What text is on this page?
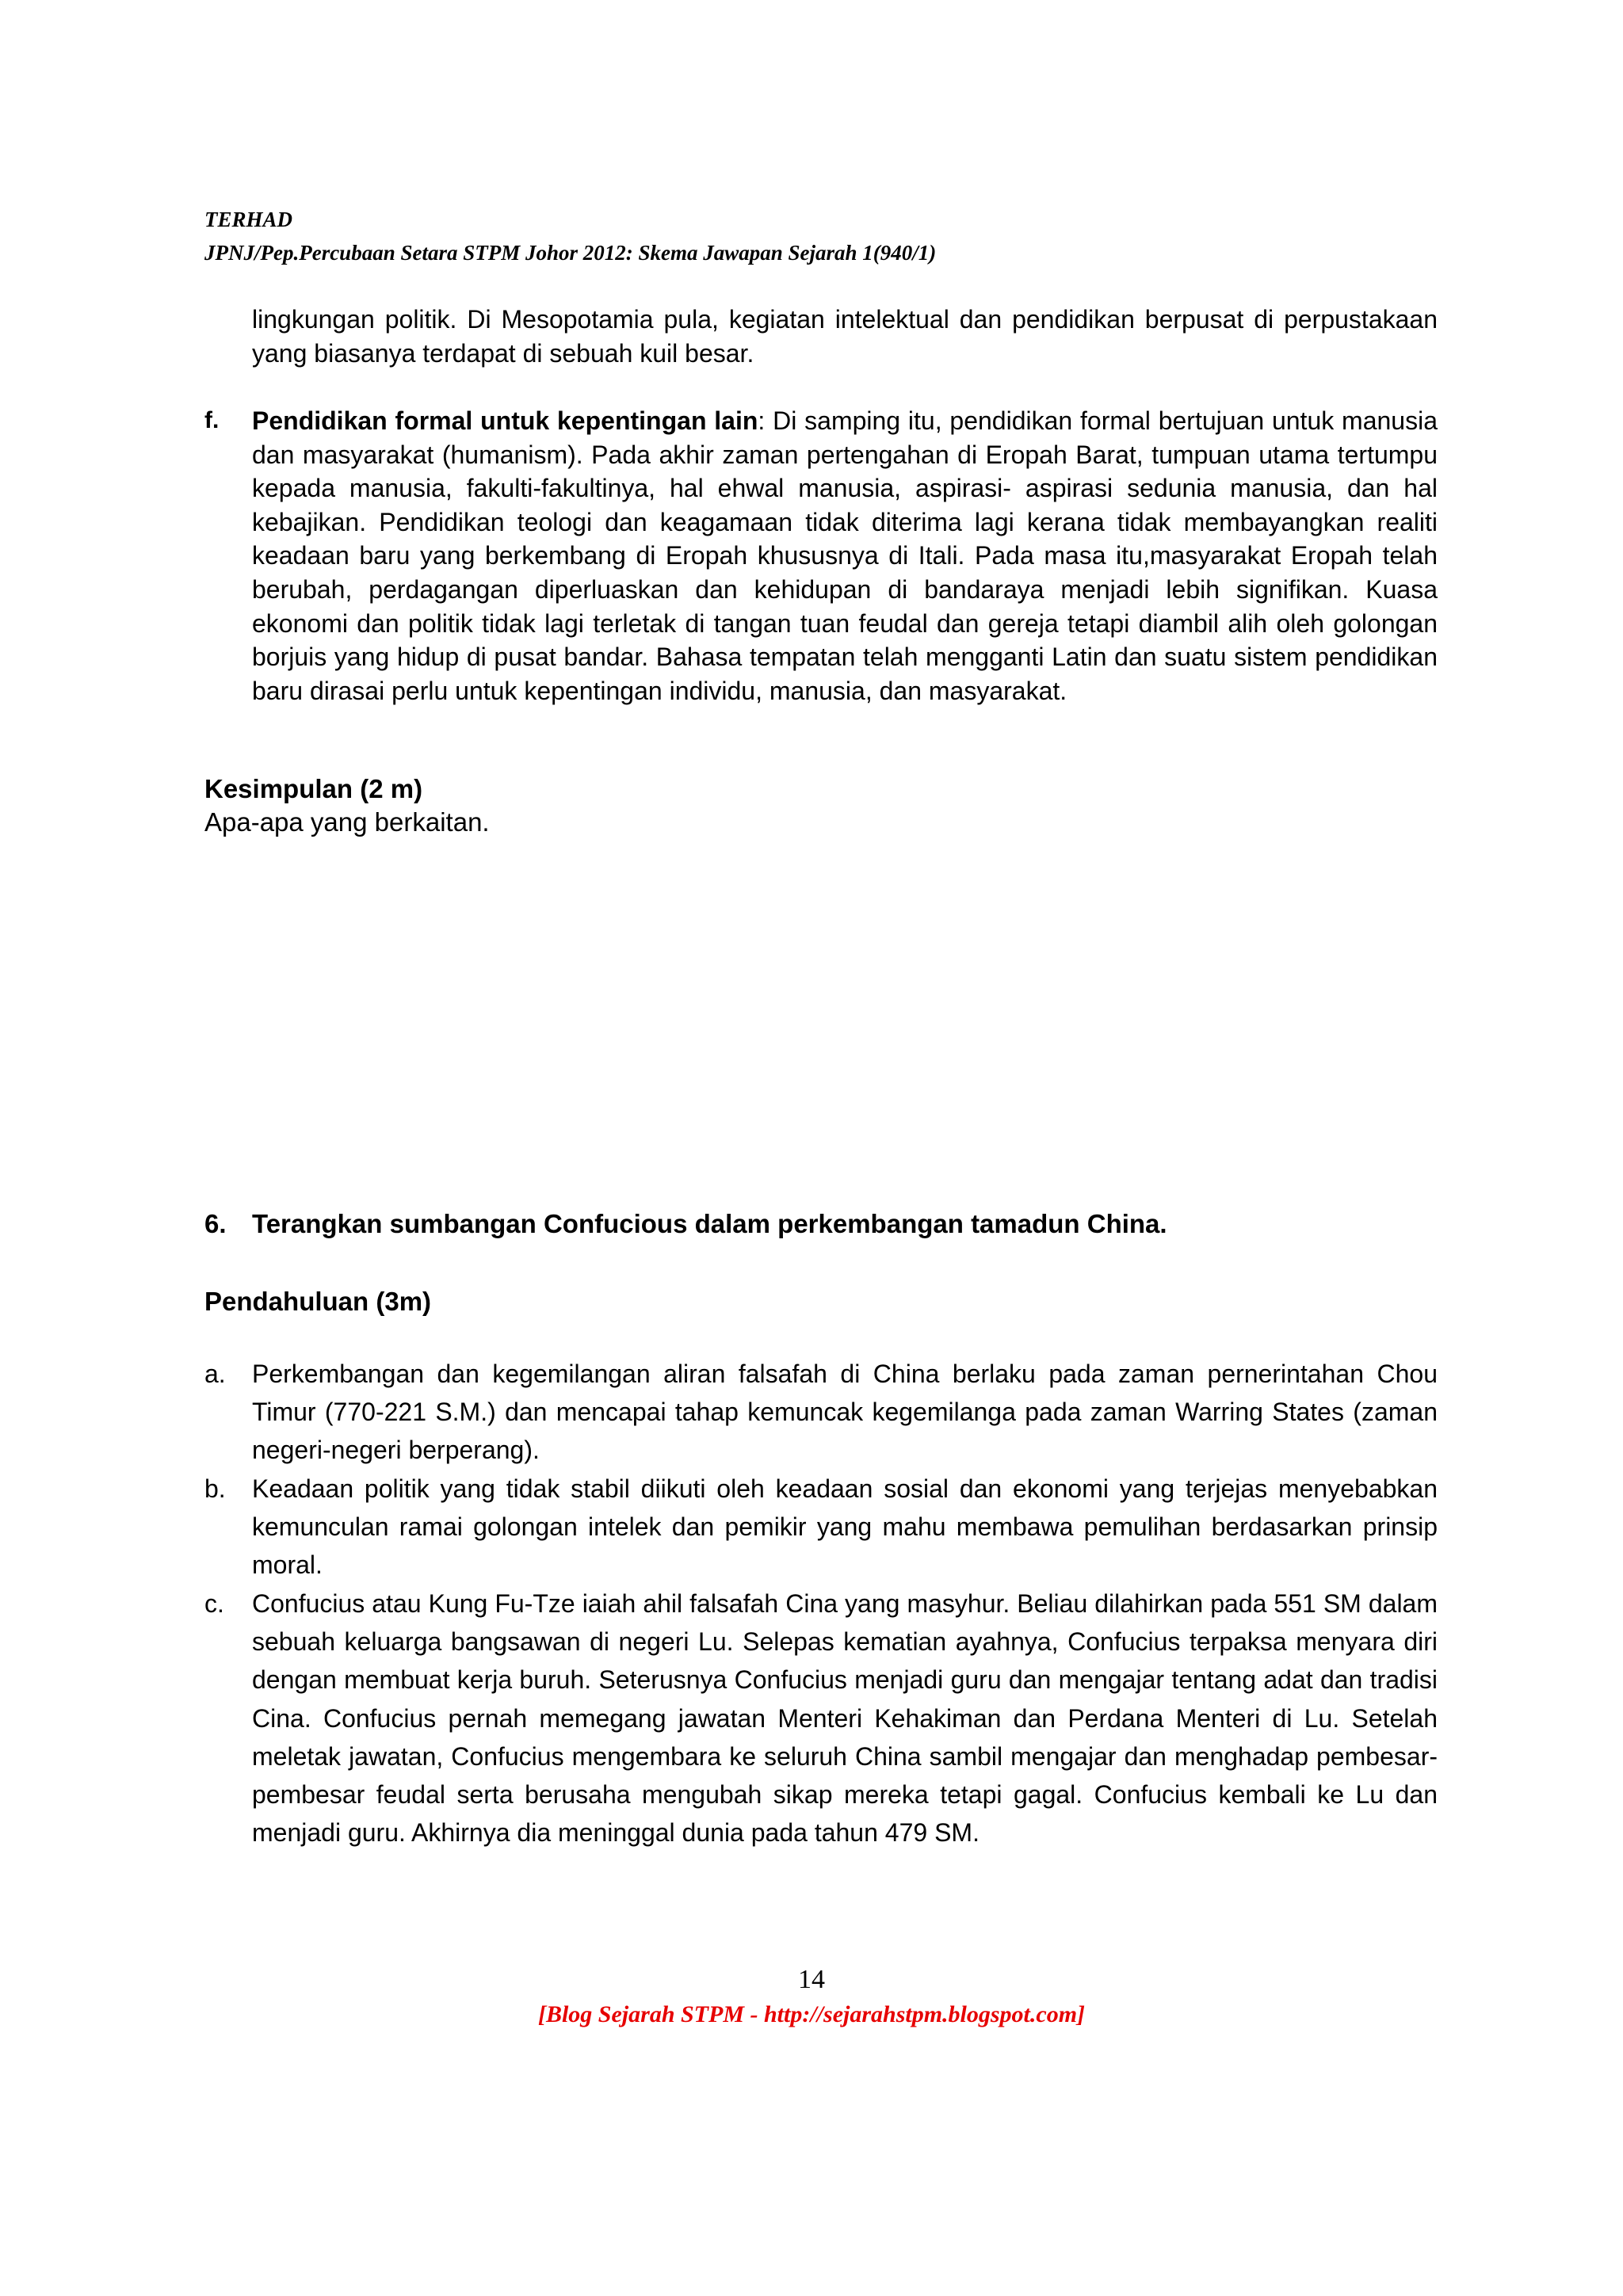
TERHAD
JPNJ/Pep.Percubaan Setara STPM Johor 2012: Skema Jawapan Sejarah 1(940/1)
lingkungan politik. Di Mesopotamia pula, kegiatan intelektual dan pendidikan berpusat di perpustakaan yang biasanya terdapat di sebuah kuil besar.
f. Pendidikan formal untuk kepentingan lain: Di samping itu, pendidikan formal bertujuan untuk manusia dan masyarakat (humanism). Pada akhir zaman pertengahan di Eropah Barat, tumpuan utama tertumpu kepada manusia, fakulti-fakultinya, hal ehwal manusia, aspirasi- aspirasi sedunia manusia, dan hal kebajikan. Pendidikan teologi dan keagamaan tidak diterima lagi kerana tidak membayangkan realiti keadaan baru yang berkembang di Eropah khususnya di Itali. Pada masa itu,masyarakat Eropah telah berubah, perdagangan diperluaskan dan kehidupan di bandaraya menjadi lebih signifikan. Kuasa ekonomi dan politik tidak lagi terletak di tangan tuan feudal dan gereja tetapi diambil alih oleh golongan borjuis yang hidup di pusat bandar. Bahasa tempatan telah mengganti Latin dan suatu sistem pendidikan baru dirasai perlu untuk kepentingan individu, manusia, dan masyarakat.
Kesimpulan (2 m)
Apa-apa yang berkaitan.
6. Terangkan sumbangan Confucious dalam perkembangan tamadun China.
Pendahuluan (3m)
a. Perkembangan dan kegemilangan aliran falsafah di China berlaku pada zaman pernerintahan Chou Timur (770-221 S.M.) dan mencapai tahap kemuncak kegemilanga pada zaman Warring States (zaman negeri-negeri berperang).
b. Keadaan politik yang tidak stabil diikuti oleh keadaan sosial dan ekonomi yang terjejas menyebabkan kemunculan ramai golongan intelek dan pemikir yang mahu membawa pemulihan berdasarkan prinsip moral.
c. Confucius atau Kung Fu-Tze iaiah ahil falsafah Cina yang masyhur. Beliau dilahirkan pada 551 SM dalam sebuah keluarga bangsawan di negeri Lu. Selepas kematian ayahnya, Confucius terpaksa menyara diri dengan membuat kerja buruh. Seterusnya Confucius menjadi guru dan mengajar tentang adat dan tradisi Cina. Confucius pernah memegang jawatan Menteri Kehakiman dan Perdana Menteri di Lu. Setelah meletak jawatan, Confucius mengembara ke seluruh China sambil mengajar dan menghadap pembesar-pembesar feudal serta berusaha mengubah sikap mereka tetapi gagal. Confucius kembali ke Lu dan menjadi guru. Akhirnya dia meninggal dunia pada tahun 479 SM.
14
[Blog Sejarah STPM - http://sejarahstpm.blogspot.com]
